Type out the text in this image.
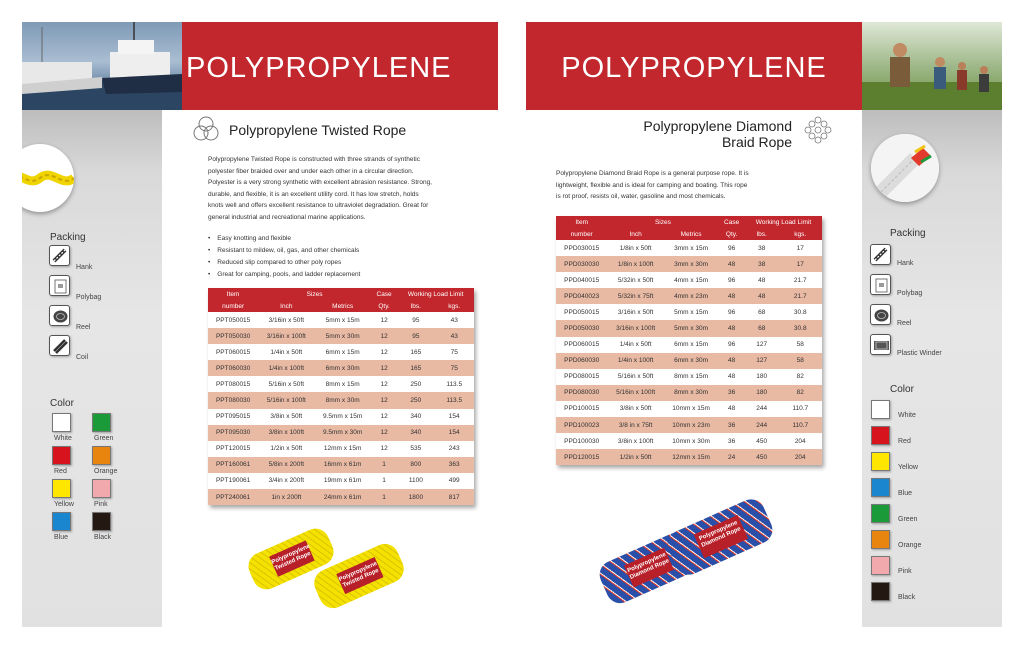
POLYPROPYLENE
Packing
Color
Hank
Polybag
Reel
Coil
White	Green
Red	Orange
Yellow	Pink
Blue	Black
Polypropylene Twisted Rope
Polypropylene Twisted Rope is constructed with three strands of synthetic
polyester fiber braided over and under each other in a circular direction.
Polyester is a very strong synthetic with excellent abrasion resistance. Strong,
durable, and flexible, it is an excellent utility cord. It has low stretch, holds
knots well and offers excellent resistance to ultraviolet degradation. Great for
general industrial and recreational marine applications.
• Easy knotting and flexible
• Resistant to mildew, oil, gas, and other chemicals
• Reduced slip compared to other poly ropes
• Great for camping, pools, and ladder replacement
Item	Sizes		Case	Working Load Limit	
number	Inch	Metrics	Qty.	lbs.	kgs.
PPT050015	3/16in x 50ft	5mm x 15m	12	95	43
PPT050030	3/16in x 100ft	5mm x 30m	12	95	43
PPT060015	1/4in x 50ft	6mm x 15m	12	165	75
PPT060030	1/4in x 100ft	6mm x 30m	12	165	75
PPT080015	5/16in x 50ft	8mm x 15m	12	250	113.5
PPT080030	5/16in x 100ft	8mm x 30m	12	250	113.5
PPT095015	3/8in x 50ft	9.5mm x 15m	12	340	154
PPT095030	3/8in x 100ft	9.5mm x 30m	12	340	154
PPT120015	1/2in x 50ft	12mm x 15m	12	535	243
PPT160061	5/8in x 200ft	16mm x 61m	1	800	363
PPT190061	3/4in x 200ft	19mm x 61m	1	1100	499
PPT240061	1in x 200ft	24mm x 61m	1	1800	817
Polypropylene Twisted Rope	Polypropylene Twisted Rope
POLYPROPYLENE
Packing
Color
Hank
Polybag
Reel
Plastic Winder
White
Red
Yellow
Blue
Green
Orange
Pink
Black
Polypropylene Diamond
Braid Rope
Polypropylene Diamond Braid Rope is a general purpose rope. It is
lightweight, flexible and is ideal for camping and boating. This rope
is rot proof, resists oil, water, gasoline and most chemicals.
Item	Sizes		Case	Working Load Limit	
number	Inch	Metrics	Qty.	lbs.	kgs.
PPD030015	1/8in x 50ft	3mm x 15m	96	38	17
PPD030030	1/8in x 100ft	3mm x 30m	48	38	17
PPD040015	5/32in x 50ft	4mm x 15m	96	48	21.7
PPD040023	5/32in x 75ft	4mm x 23m	48	48	21.7
PPD050015	3/16in x 50ft	5mm x 15m	96	68	30.8
PPD050030	3/16in x 100ft	5mm x 30m	48	68	30.8
PPD060015	1/4in x 50ft	6mm x 15m	96	127	58
PPD060030	1/4in x 100ft	6mm x 30m	48	127	58
PPD080015	5/16in x 50ft	8mm x 15m	48	180	82
PPD080030	5/16in x 100ft	8mm x 30m	36	180	82
PPD100015	3/8in x 50ft	10mm x 15m	48	244	110.7
PPD100023	3/8 in x 75ft	10mm x 23m	36	244	110.7
PPD100030	3/8in x 100ft	10mm x 30m	36	450	204
PPD120015	1/2in x 50ft	12mm x 15m	24	450	204
Polypropylene Diamond Rope
Polypropylene Diamond Rope
